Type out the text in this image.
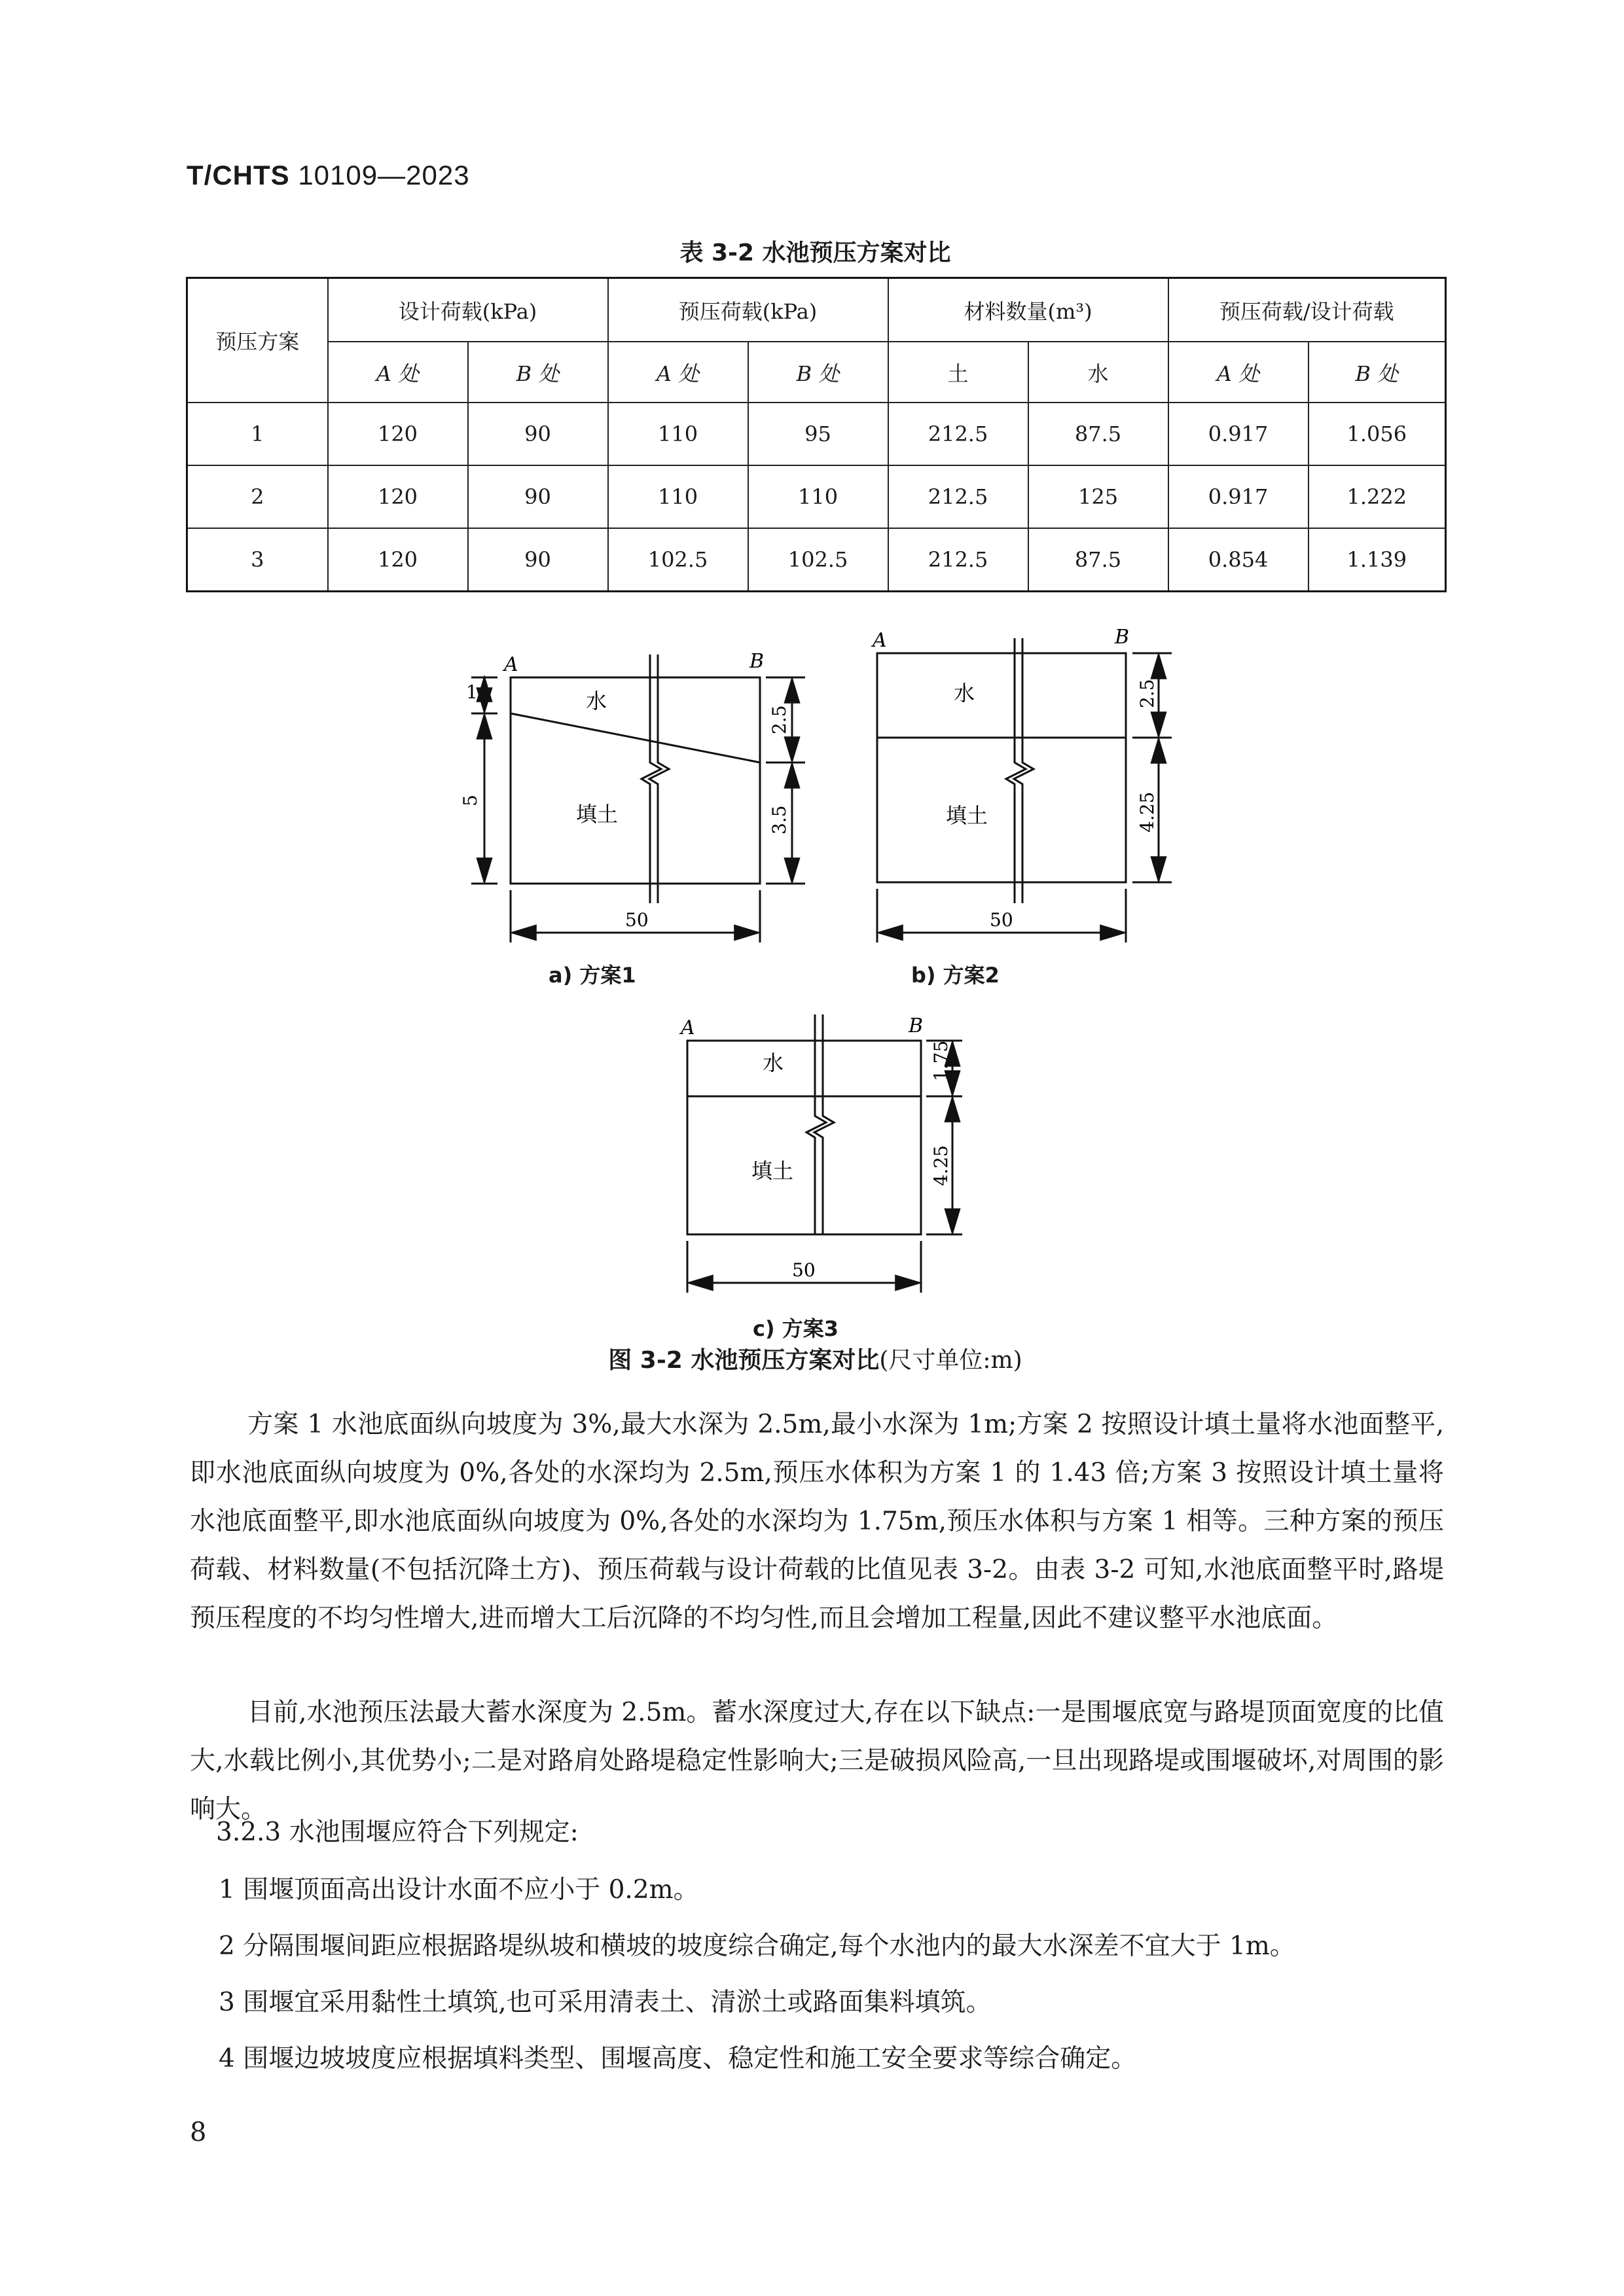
T/CHTS 10109—2023
表 3-2 水池预压方案对比
预压方案	设计荷载(kPa)		预压荷载(kPa)		材料数量(m³)		预压荷载/设计荷载	
	A 处	B 处	A 处	B 处	土	水	A 处	B 处
1	120	90	110	95	212.5	87.5	0.917	1.056
2	120	90	110	110	212.5	125	0.917	1.222
3	120	90	102.5	102.5	212.5	87.5	0.854	1.139
A	B
水
填土
1
5
2.5
3.5
50
A	B
水
填土
2.5
4.25
50
A	B
水
填土
1.75
4.25
50
a) 方案1	b) 方案2
c) 方案3
图 3-2 水池预压方案对比(尺寸单位:m)

方案 1 水池底面纵向坡度为 3%,最大水深为 2.5m,最小水深为 1m;方案 2 按照设计填土量将水池面整平,即水池底面纵向坡度为 0%,各处的水深均为 2.5m,预压水体积为方案 1 的 1.43 倍;方案 3 按照设计填土量将水池底面整平,即水池底面纵向坡度为 0%,各处的水深均为 1.75m,预压水体积与方案 1 相等。三种方案的预压荷载、材料数量(不包括沉降土方)、预压荷载与设计荷载的比值见表 3-2。由表 3-2 可知,水池底面整平时,路堤预压程度的不均匀性增大,进而增大工后沉降的不均匀性,而且会增加工程量,因此不建议整平水池底面。

目前,水池预压法最大蓄水深度为 2.5m。蓄水深度过大,存在以下缺点:一是围堰底宽与路堤顶面宽度的比值大,水载比例小,其优势小;二是对路肩处路堤稳定性影响大;三是破损风险高,一旦出现路堤或围堰破坏,对周围的影响大。

3.2.3 水池围堰应符合下列规定:

1 围堰顶面高出设计水面不应小于 0.2m。

2 分隔围堰间距应根据路堤纵坡和横坡的坡度综合确定,每个水池内的最大水深差不宜大于 1m。

3 围堰宜采用黏性土填筑,也可采用清表土、清淤土或路面集料填筑。

4 围堰边坡坡度应根据填料类型、围堰高度、稳定性和施工安全要求等综合确定。

8
